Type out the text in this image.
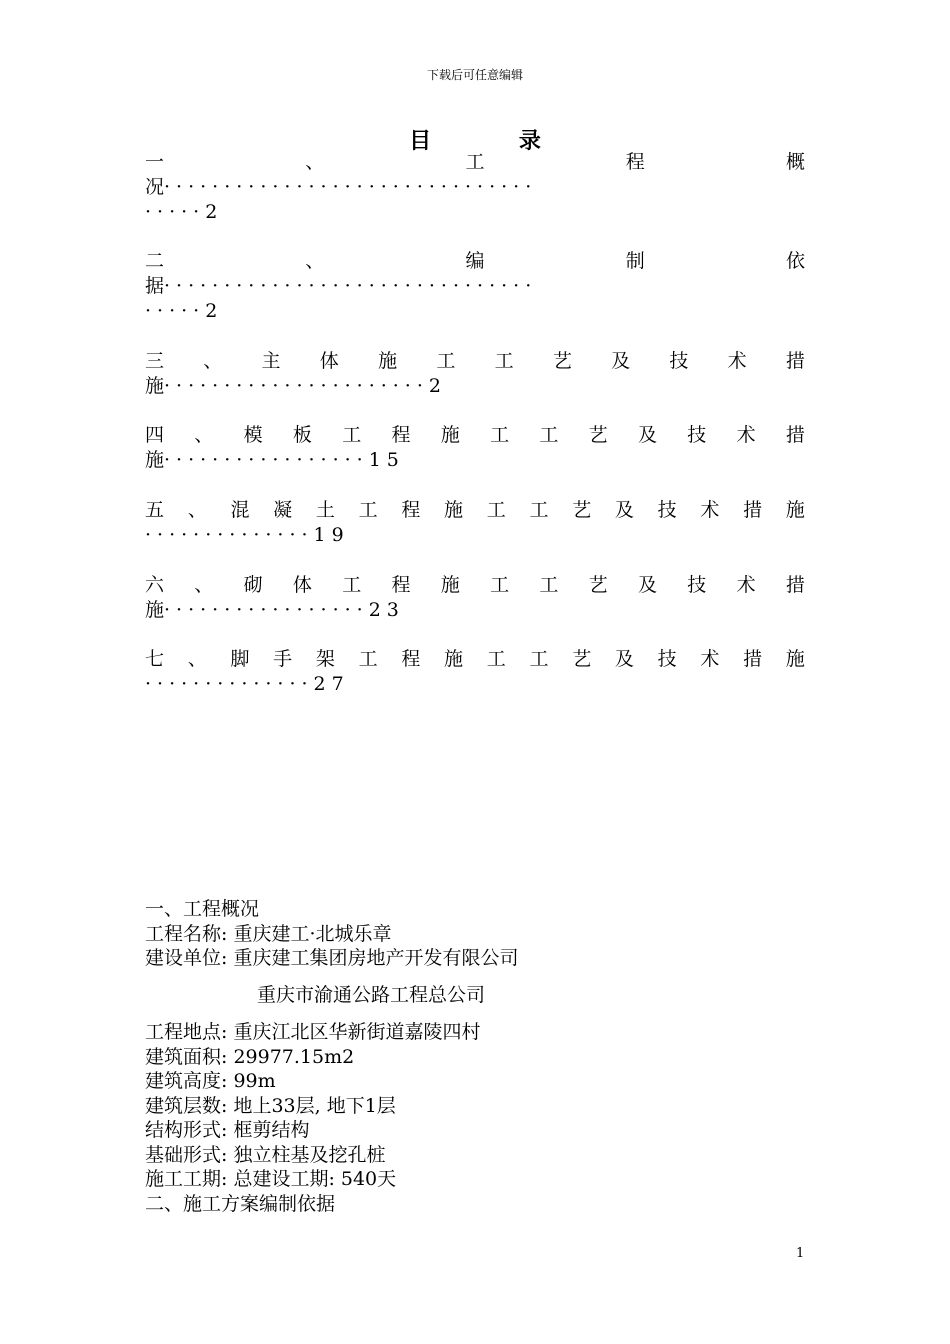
下载后可任意编辑
目 录
一	、	工	程	概
况·······························
·····2
二	、	编	制	依
据·······························
·····2
三 、 主 体 施 工 工 艺 及 技 术 措
施······················2
四 、 模 板 工 程 施 工 工 艺 及 技 术 措
施·················15
五 、 混 凝 土 工 程 施 工 工 艺 及 技 术 措 施
··············19
六 、 砌 体 工 程 施 工 工 艺 及 技 术 措
施·················23
七 、 脚 手 架 工 程 施 工 工 艺 及 技 术 措 施
··············27
一、工程概况
工程名称: 重庆建工·北城乐章
建设单位: 重庆建工集团房地产开发有限公司
重庆市渝通公路工程总公司
工程地点: 重庆江北区华新街道嘉陵四村
建筑面积: 29977.15m2
建筑高度: 99m
建筑层数: 地上33层, 地下1层
结构形式: 框剪结构
基础形式: 独立柱基及挖孔桩
施工工期: 总建设工期: 540天
二、施工方案编制依据
1
